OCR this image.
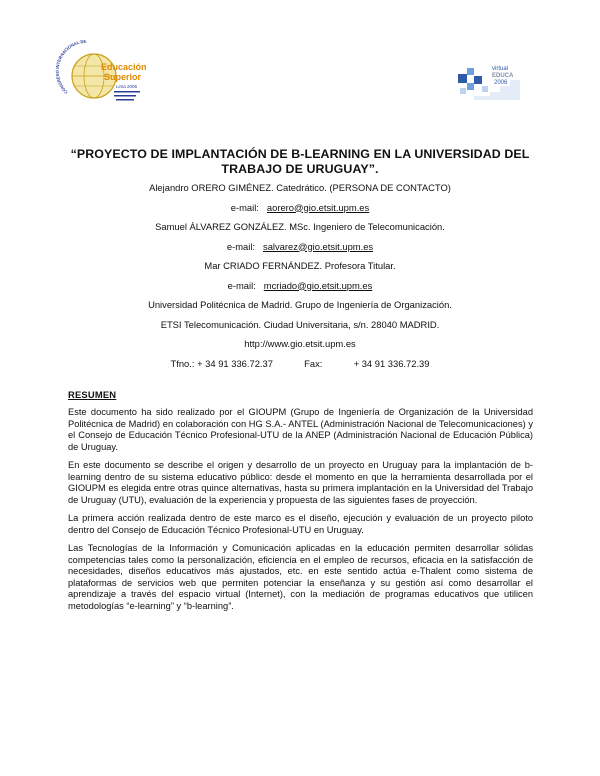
CONGRESO INTERNACIONAL DE
Educación
Superior
Lima 2006
virtual
EDUCA
2006
“PROYECTO DE IMPLANTACIÓN DE B-LEARNING EN LA UNIVERSIDAD DEL
TRABAJO DE URUGUAY”.
Alejandro ORERO GIMÉNEZ. Catedrático. (PERSONA DE CONTACTO)
e-mail: aorero@gio.etsit.upm.es
Samuel ÁLVAREZ GONZÁLEZ. MSc. Ingeniero de Telecomunicación.
e-mail: salvarez@gio.etsit.upm.es
Mar CRIADO FERNÁNDEZ. Profesora Titular.
e-mail: mcriado@gio.etsit.upm.es
Universidad Politécnica de Madrid. Grupo de Ingeniería de Organización.
ETSI Telecomunicación. Ciudad Universitaria, s/n. 28040 MADRID.
http://www.gio.etsit.upm.es
Tfno.: + 34 91 336.72.37	Fax:	+ 34 91 336.72.39
RESUMEN

Este documento ha sido realizado por el GIOUPM (Grupo de Ingeniería de Organización de la Universidad Politécnica de Madrid) en colaboración con HG S.A.- ANTEL (Administración Nacional de Telecomunicaciones) y el Consejo de Educación Técnico Profesional-UTU de la ANEP (Administración Nacional de Educación Pública) de Uruguay.

En este documento se describe el origen y desarrollo de un proyecto en Uruguay para la implantación de b-learning dentro de su sistema educativo público: desde el momento en que la herramienta desarrollada por el GIOUPM es elegida entre otras quince alternativas, hasta su primera implantación en la Universidad del Trabajo de Uruguay (UTU), evaluación de la experiencia y propuesta de las siguientes fases de proyección.

La primera acción realizada dentro de este marco es el diseño, ejecución y evaluación de un proyecto piloto dentro del Consejo de Educación Técnico Profesional-UTU en Uruguay.

Las Tecnologías de la Información y Comunicación aplicadas en la educación permiten desarrollar sólidas competencias tales como la personalización, eficiencia en el empleo de recursos, eficacia en la satisfacción de necesidades, diseños educativos más ajustados, etc. en este sentido actúa e-Thalent como sistema de plataformas de servicios web que permiten potenciar la enseñanza y su gestión así como desarrollar el aprendizaje a través del espacio virtual (Internet), con la mediación de programas educativos que utilicen metodologías “e-learning” y “b-learning”.
